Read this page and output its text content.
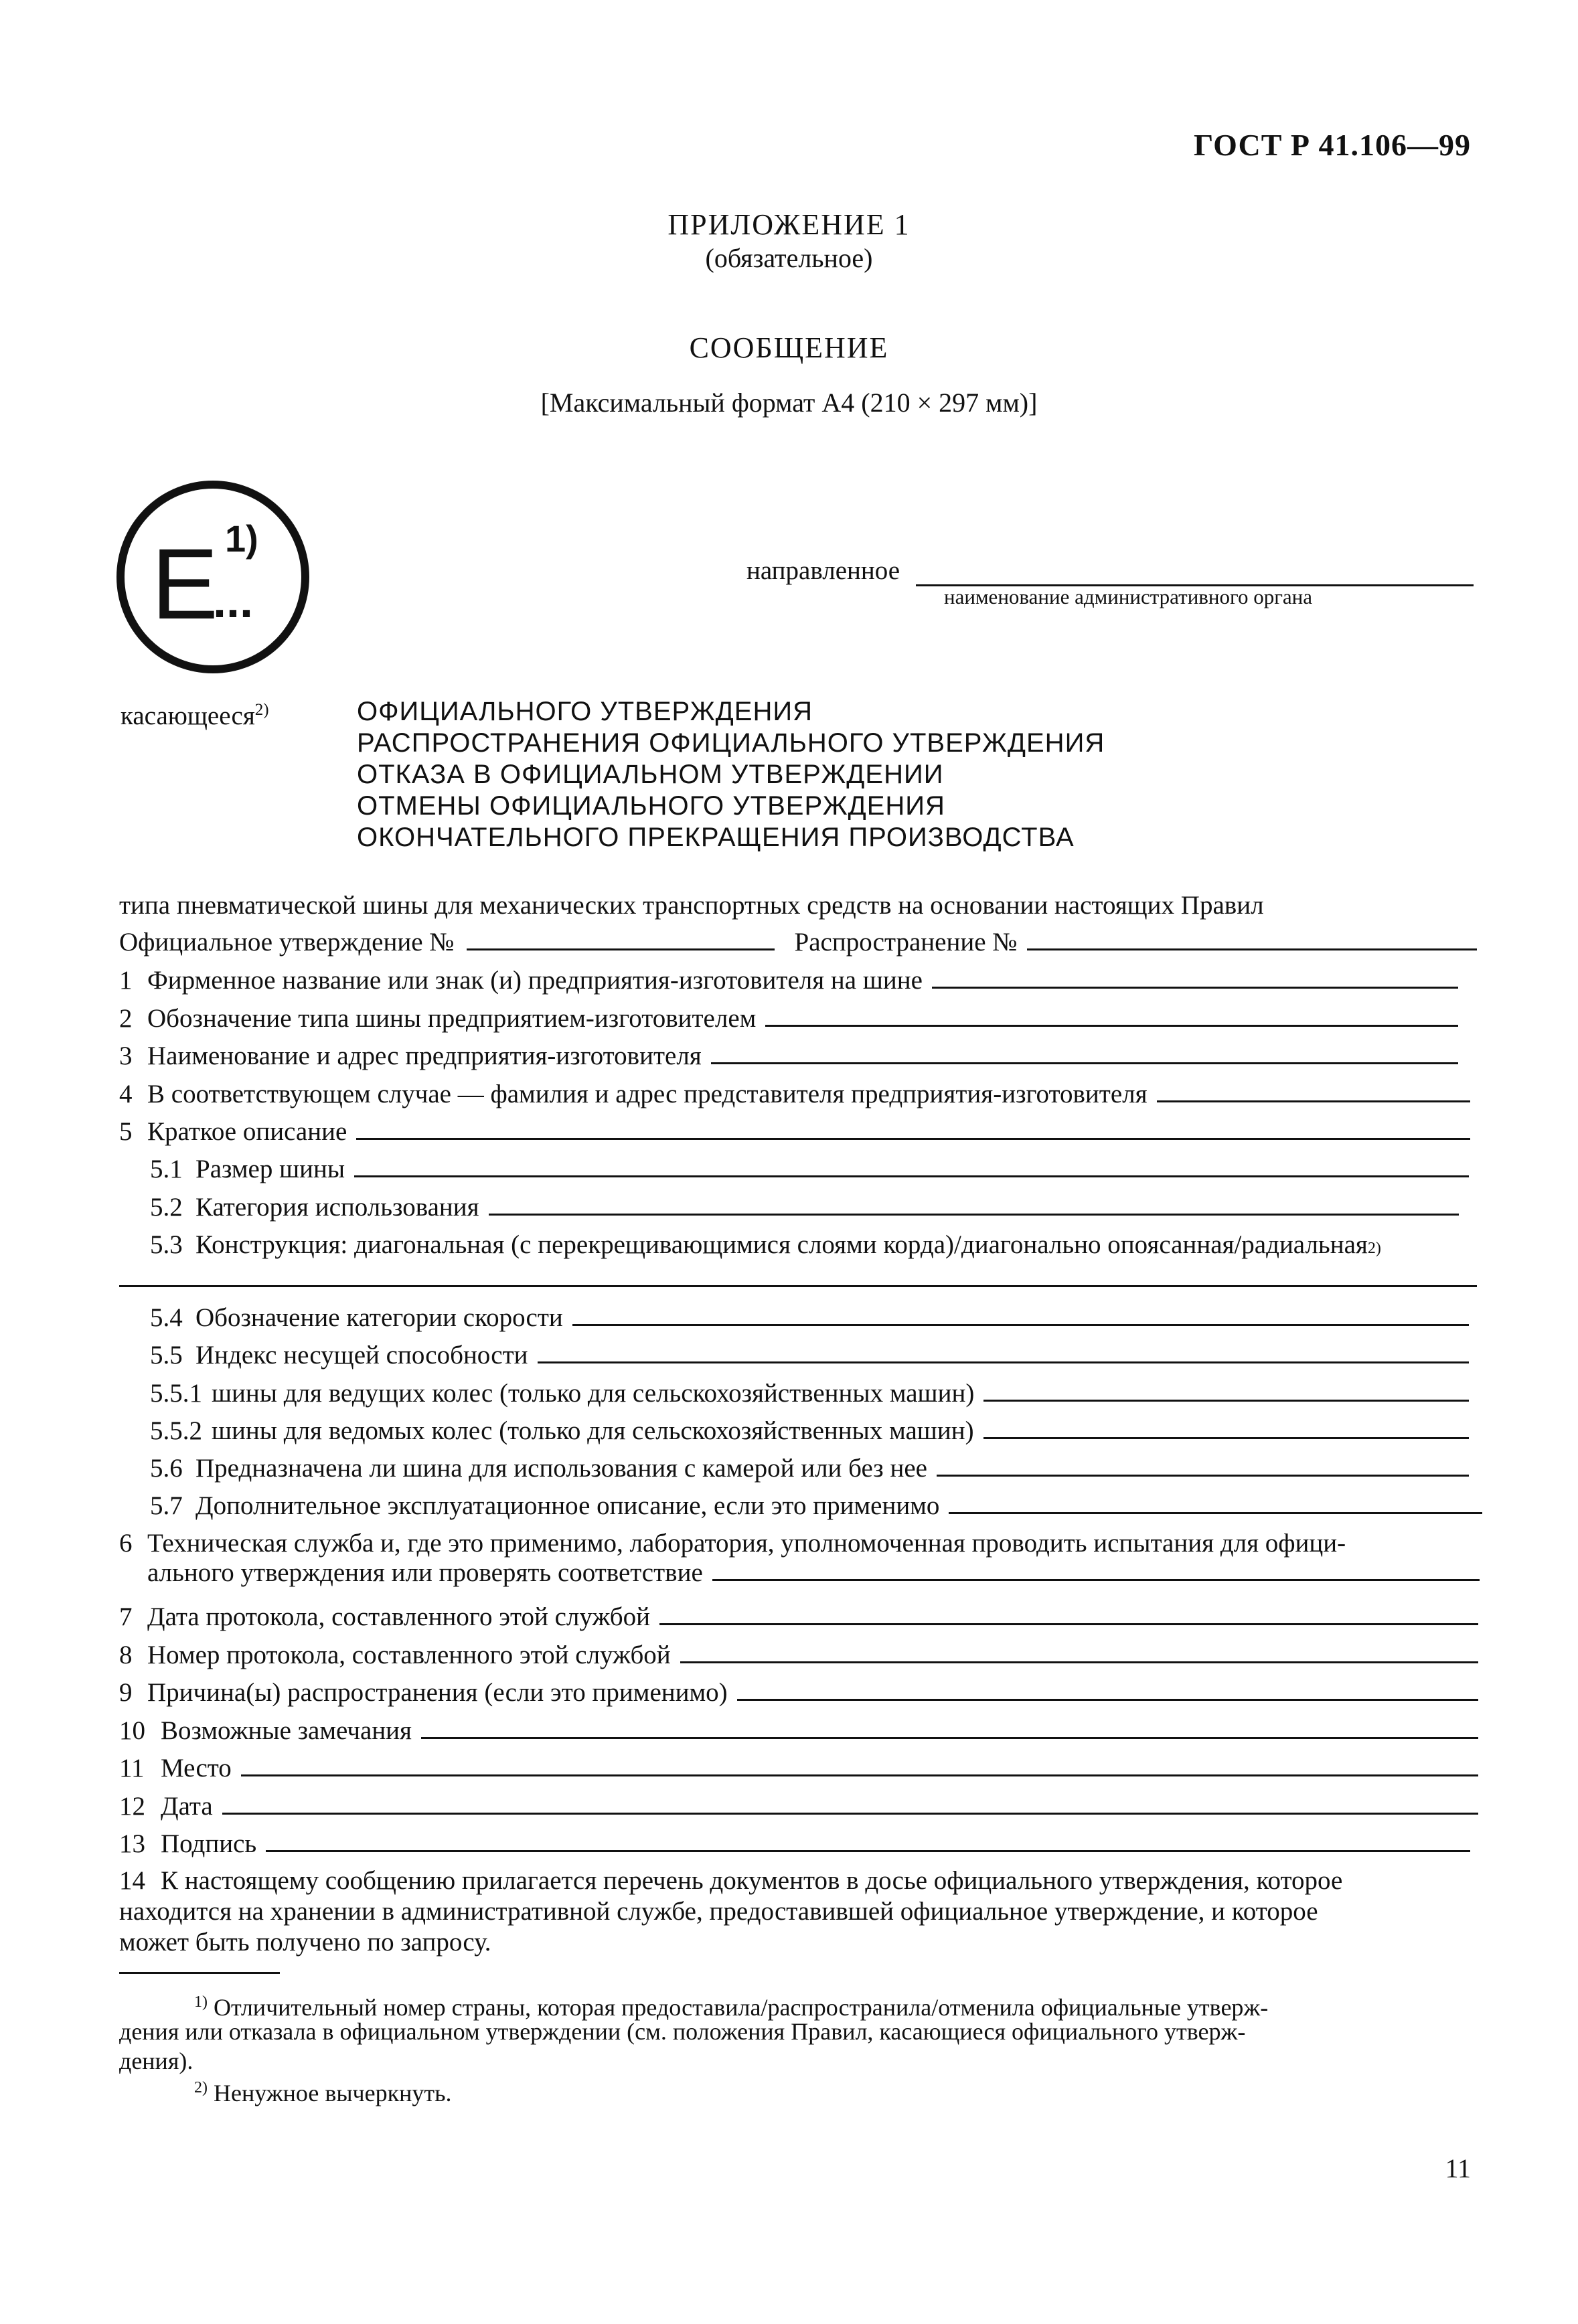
ГОСТ Р 41.106—99
ПРИЛОЖЕНИЕ 1
(обязательное)
СООБЩЕНИЕ
[Максимальный формат А4 (210 × 297 мм)]
E 1)
...
направленное
наименование административного органа
касающееся$^{2)}$	ОФИЦИАЛЬНОГО УТВЕРЖДЕНИЯ
РАСПРОСТРАНЕНИЯ ОФИЦИАЛЬНОГО УТВЕРЖДЕНИЯ
ОТКАЗА В ОФИЦИАЛЬНОМ УТВЕРЖДЕНИИ
ОТМЕНЫ ОФИЦИАЛЬНОГО УТВЕРЖДЕНИЯ
ОКОНЧАТЕЛЬНОГО ПРЕКРАЩЕНИЯ ПРОИЗВОДСТВА
типа пневматической шины для механических транспортных средств на основании настоящих Правил
Официальное утверждение №	Распространение №
1 Фирменное название или знак (и) предприятия-изготовителя на шине
2 Обозначение типа шины предприятием-изготовителем
3 Наименование и адрес предприятия-изготовителя
4 В соответствующем случае — фамилия и адрес представителя предприятия-изготовителя
5 Краткое описание
5.1 Размер шины
5.2 Категория использования
5.3 Конструкция: диагональная (с перекрещивающимися слоями корда)/диагонально опоясанная/радиальная 2)
5.4 Обозначение категории скорости
5.5 Индекс несущей способности
5.5.1 шины для ведущих колес (только для сельскохозяйственных машин)
5.5.2 шины для ведомых колес (только для сельскохозяйственных машин)
5.6 Предназначена ли шина для использования с камерой или без нее
5.7 Дополнительное эксплуатационное описание, если это применимо
6 Техническая служба и, где это применимо, лаборатория, уполномоченная проводить испытания для офици-
ального утверждения или проверять соответствие
7 Дата протокола, составленного этой службой
8 Номер протокола, составленного этой службой
9 Причина(ы) распространения (если это применимо)
10 Возможные замечания
11 Место
12 Дата
13 Подпись
14 К настоящему сообщению прилагается перечень документов в досье официального утверждения, которое
находится на хранении в административной службе, предоставившей официальное утверждение, и которое
может быть получено по запросу.
$^{1)}$ Отличительный номер страны, которая предоставила/распространила/отменила официальные утверж-
дения или отказала в официальном утверждении (см. положения Правил, касающиеся официального утверж-
дения).
$^{2)}$ Ненужное вычеркнуть.
11
